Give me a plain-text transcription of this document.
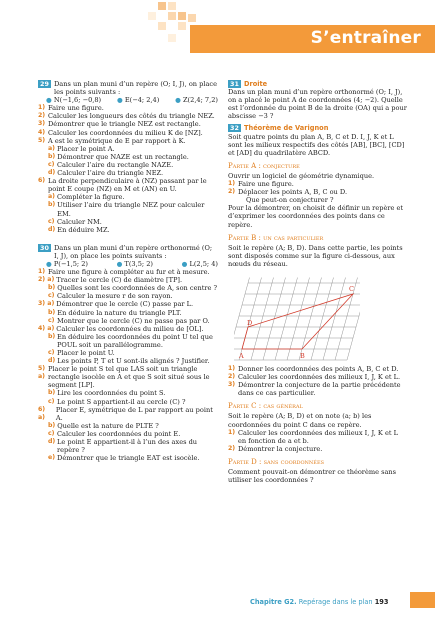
S’entraîner
29 Dans un plan muni d’un repère (O; I, J), on place les points suivants :
● N(−1,6; −0,8) ● E(−4; 2,4) ● Z(2,4; 7,2)
1) Faire une figure.
2) Calculer les longueurs des côtés du triangle NEZ.
3) Démontrer que le triangle NEZ est rectangle.
4) Calculer les coordonnées du milieu K de [NZ].
5) A est le symétrique de E par rapport à K.
a) Placer le point A.
b) Démontrer que NAZE est un rectangle.
c) Calculer l’aire du rectangle NAZE.
d) Calculer l’aire du triangle NEZ.
6) La droite perpendiculaire à (NZ) passant par le point E coupe (NZ) en M et (AN) en U.
a) Compléter la figure.
b) Utiliser l’aire du triangle NEZ pour calculer EM.
c) Calculer NM.
d) En déduire MZ.
30 Dans un plan muni d’un repère orthonormé (O; I, J), on place les points suivants :
● P(−1,5; 2)	● T(3,5; 2)	● L(2,5; 4)
1) Faire une figure à compléter au fur et à mesure.
2) a) Tracer le cercle (C) de diamètre [TP].
b) Quelles sont les coordonnées de A, son centre ?
c) Calculer la mesure r de son rayon.
3) a) Démontrer que le cercle (C) passe par L.
b) En déduire la nature du triangle PLT.
c) Montrer que le cercle (C) ne passe pas par O.
4) a) Calculer les coordonnées du milieu de [OL].
b) En déduire les coordonnées du point U tel que POUL soit un parallélogramme.
c) Placer le point U.
d) Les points P, T et U sont-ils alignés ? Justifier.
5) a)
Placer le point S tel que LAS soit un triangle rectangle isocèle en A et que S soit situé sous le segment [LP].
b) Lire les coordonnées du point S.
c) Le point S appartient-il au cercle (C) ?
6) a)
Placer E, symétrique de L par rapport au point A.
b) Quelle est la nature de PLTE ?
c) Calculer les coordonnées du point E.
d) Le point E appartient-il à l’un des axes du repère ?
e) Démontrer que le triangle EAT est isocèle.
31 Droite
Dans un plan muni d’un repère orthonormé (O; I, J), on a placé le point A de coordonnées (4; −2). Quelle est l’ordonnée du point B de la droite (OA) qui a pour abscisse −3 ?
32 Théorème de Varignon
Soit quatre points du plan A, B, C et D. I, J, K et L sont les milieux respectifs des côtés [AB], [BC], [CD] et [AD] du quadrilatère ABCD.
Partie A : conjecture
Ouvrir un logiciel de géométrie dynamique.
1) Faire une figure.
2) Déplacer les points A, B, C ou D.
Que peut-on conjecturer ?
Pour la démontrer, on choisit de définir un repère et d’exprimer les coordonnées des points dans ce repère.
Partie B : un cas particulier
Soit le repère (A; B, D). Dans cette partie, les points sont disposés comme sur la figure ci-dessous, aux nœuds du réseau.
A	B
C
D
1) Donner les coordonnées des points A, B, C et D.
2) Calculer les coordonnées des milieux I, J, K et L.
3) Démontrer la conjecture de la partie précédente dans ce cas particulier.
Partie C : cas général
Soit le repère (A; B, D) et on note (a; b) les coordonnées du point C dans ce repère.
1) Calculer les coordonnées des milieux I, J, K et L en fonction de a et b.
2) Démontrer la conjecture.
Partie D : sans coordonnées
Comment pouvait-on démontrer ce théorème sans utiliser les coordonnées ?
Chapitre G2. Repérage dans le plan 193
